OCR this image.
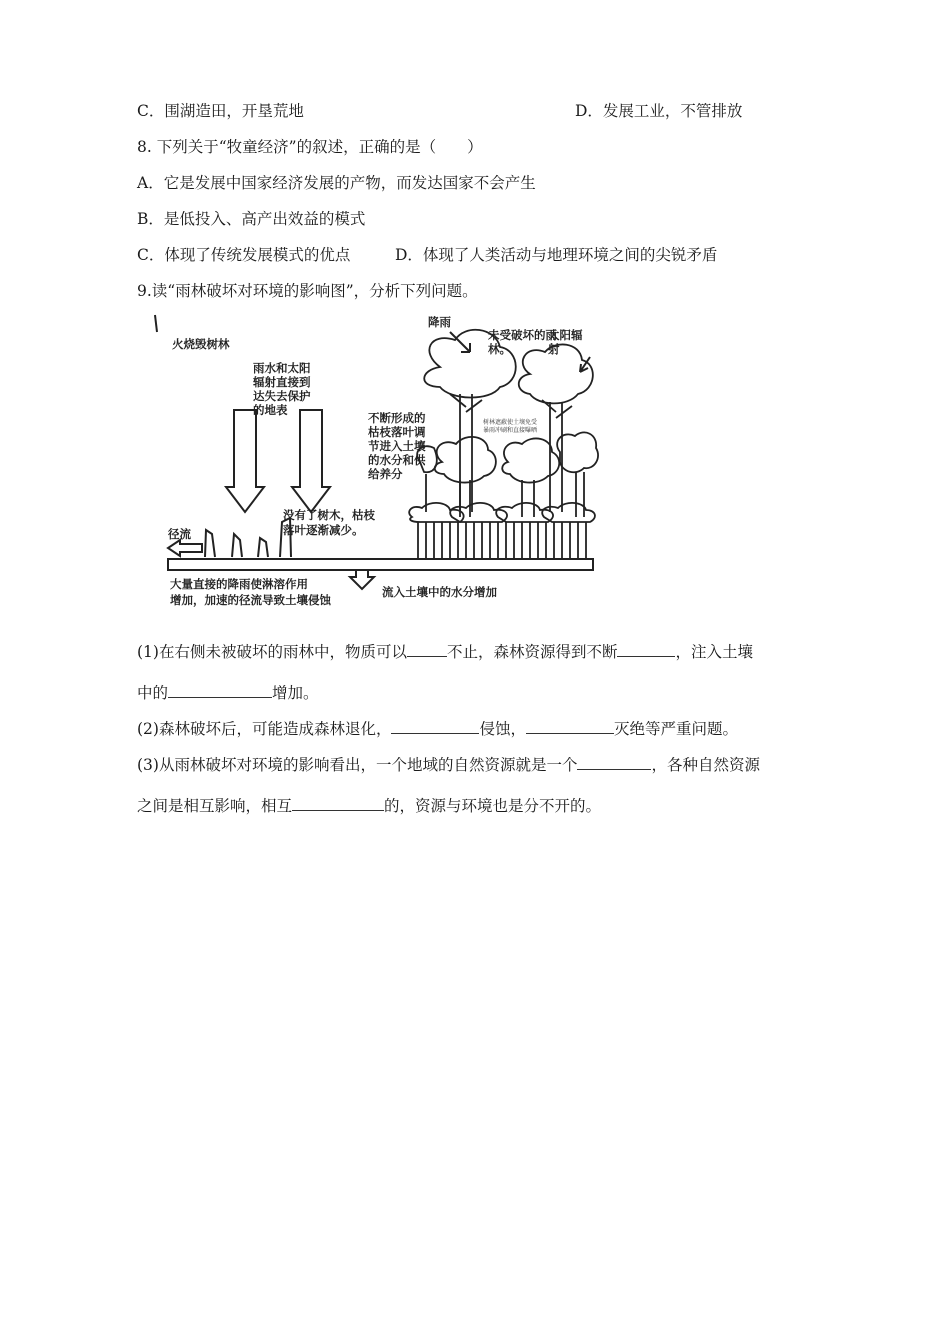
C．围湖造田，开垦荒地	D．发展工业，不管排放
8. 下列关于“牧童经济”的叙述，正确的是（　　）
A．它是发展中国家经济发展的产物，而发达国家不会产生
B．是低投入、高产出效益的模式
C．体现了传统发展模式的优点	D．体现了人类活动与地理环境之间的尖锐矛盾
9.读“雨林破坏对环境的影响图”，分析下列问题。
火烧毁树林
雨水和太阳
辐射直接到
达失去保护
的地表
没有了树木，枯枝
落叶逐渐减少。
径流
大量直接的降雨使淋溶作用
增加，加速的径流导致土壤侵蚀
流入土壤中的水分增加
降雨
未受破坏的雨
林。
太阳辐
射
不断形成的
枯枝落叶调
节进入土壤
的水分和供
给养分
树林遮蔽使土壤免受
暴雨冲刷和直接曝晒
(1)在右侧未被破坏的雨林中，物质可以	不止，森林资源得到不断	，注入土壤
中的	增加。
(2)森林破坏后，可能造成森林退化，	侵蚀，	灭绝等严重问题。
(3)从雨林破坏对环境的影响看出，一个地域的自然资源就是一个	，各种自然资源
之间是相互影响，相互	的，资源与环境也是分不开的。
